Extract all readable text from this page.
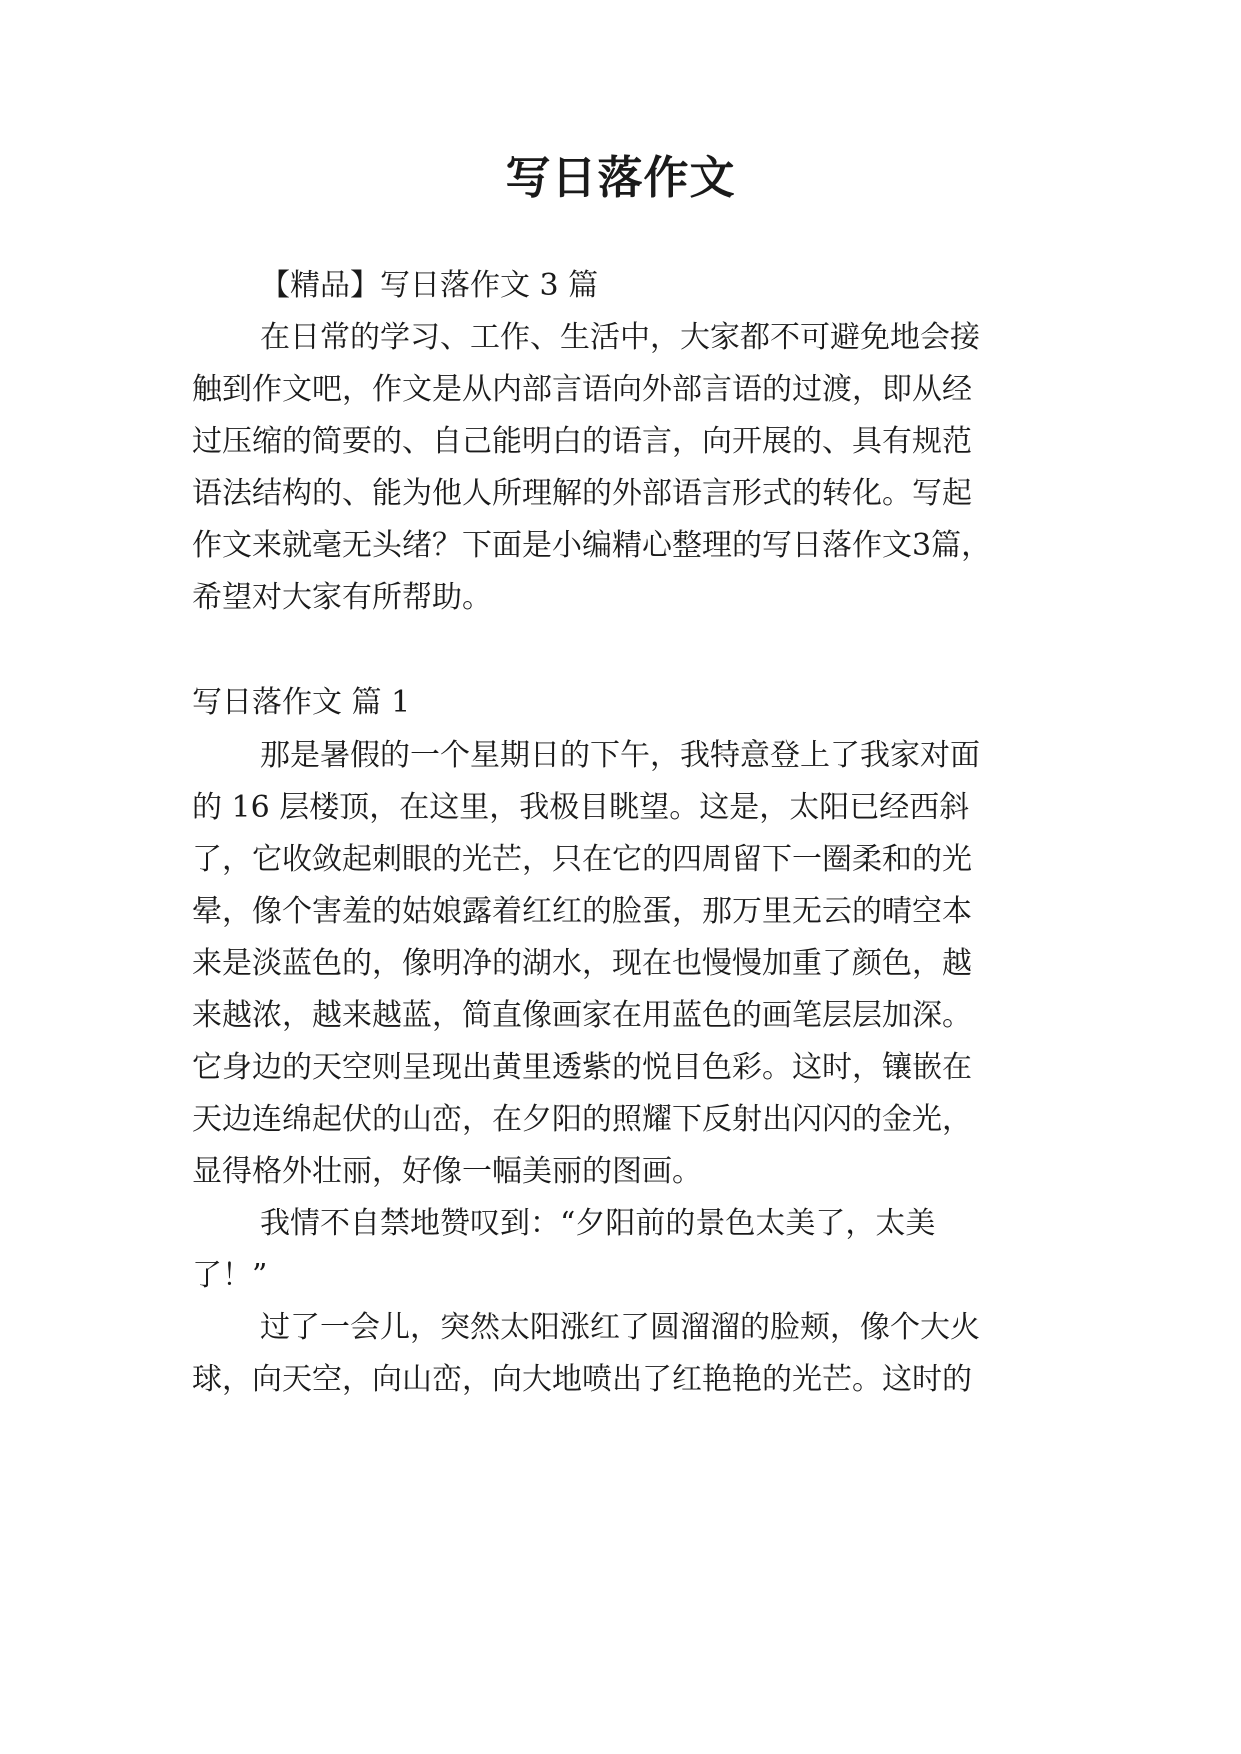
写日落作文
【精品】写日落作文 3 篇
在日常的学习、工作、生活中，大家都不可避免地会接
触到作文吧，作文是从内部言语向外部言语的过渡，即从经
过压缩的简要的、自己能明白的语言，向开展的、具有规范
语法结构的、能为他人所理解的外部语言形式的转化。写起
作文来就毫无头绪？下面是小编精心整理的写日落作文3篇，
希望对大家有所帮助。
写日落作文 篇 1
那是暑假的一个星期日的下午，我特意登上了我家对面
的 16 层楼顶，在这里，我极目眺望。这是，太阳已经西斜
了，它收敛起刺眼的光芒，只在它的四周留下一圈柔和的光
晕，像个害羞的姑娘露着红红的脸蛋，那万里无云的晴空本
来是淡蓝色的，像明净的湖水，现在也慢慢加重了颜色，越
来越浓，越来越蓝，简直像画家在用蓝色的画笔层层加深。
它身边的天空则呈现出黄里透紫的悦目色彩。这时，镶嵌在
天边连绵起伏的山峦，在夕阳的照耀下反射出闪闪的金光，
显得格外壮丽，好像一幅美丽的图画。
我情不自禁地赞叹到：“夕阳前的景色太美了，太美
了！”
过了一会儿，突然太阳涨红了圆溜溜的脸颊，像个大火
球，向天空，向山峦，向大地喷出了红艳艳的光芒。这时的
